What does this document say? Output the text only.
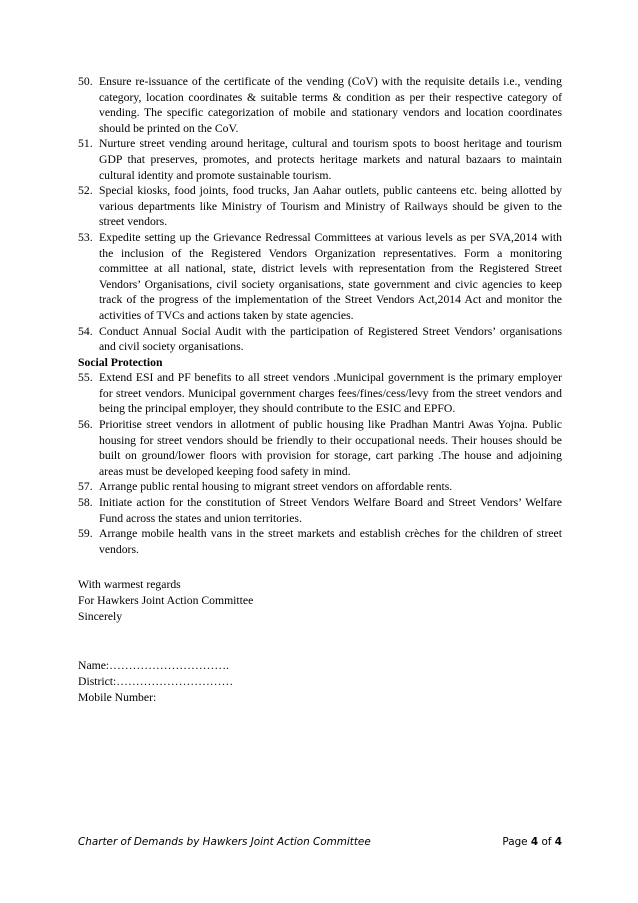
50. Ensure re-issuance of the certificate of the vending (CoV) with the requisite details i.e., vending category, location coordinates & suitable terms & condition as per their respective category of vending. The specific categorization of mobile and stationary vendors and location coordinates should be printed on the CoV.
51. Nurture street vending around heritage, cultural and tourism spots to boost heritage and tourism GDP that preserves, promotes, and protects heritage markets and natural bazaars to maintain cultural identity and promote sustainable tourism.
52. Special kiosks, food joints, food trucks, Jan Aahar outlets, public canteens etc. being allotted by various departments like Ministry of Tourism and Ministry of Railways should be given to the street vendors.
53. Expedite setting up the Grievance Redressal Committees at various levels as per SVA,2014 with the inclusion of the Registered Vendors Organization representatives. Form a monitoring committee at all national, state, district levels with representation from the Registered Street Vendors’ Organisations, civil society organisations, state government and civic agencies to keep track of the progress of the implementation of the Street Vendors Act,2014 Act and monitor the activities of TVCs and actions taken by state agencies.
54. Conduct Annual Social Audit with the participation of Registered Street Vendors’ organisations and civil society organisations.
Social Protection
55. Extend ESI and PF benefits to all street vendors .Municipal government is the primary employer for street vendors. Municipal government charges fees/fines/cess/levy from the street vendors and being the principal employer, they should contribute to the ESIC and EPFO.
56. Prioritise street vendors in allotment of public housing like Pradhan Mantri Awas Yojna. Public housing for street vendors should be friendly to their occupational needs. Their houses should be built on ground/lower floors with provision for storage, cart parking .The house and adjoining areas must be developed keeping food safety in mind.
57. Arrange public rental housing to migrant street vendors on affordable rents.
58. Initiate action for the constitution of Street Vendors Welfare Board and Street Vendors’ Welfare Fund across the states and union territories.
59. Arrange mobile health vans in the street markets and establish crèches for the children of street vendors.
With warmest regards
For Hawkers Joint Action Committee
Sincerely
Name:………………………….
District:…………………………
Mobile Number:
Charter of Demands by Hawkers Joint Action Committee	Page 4 of 4
